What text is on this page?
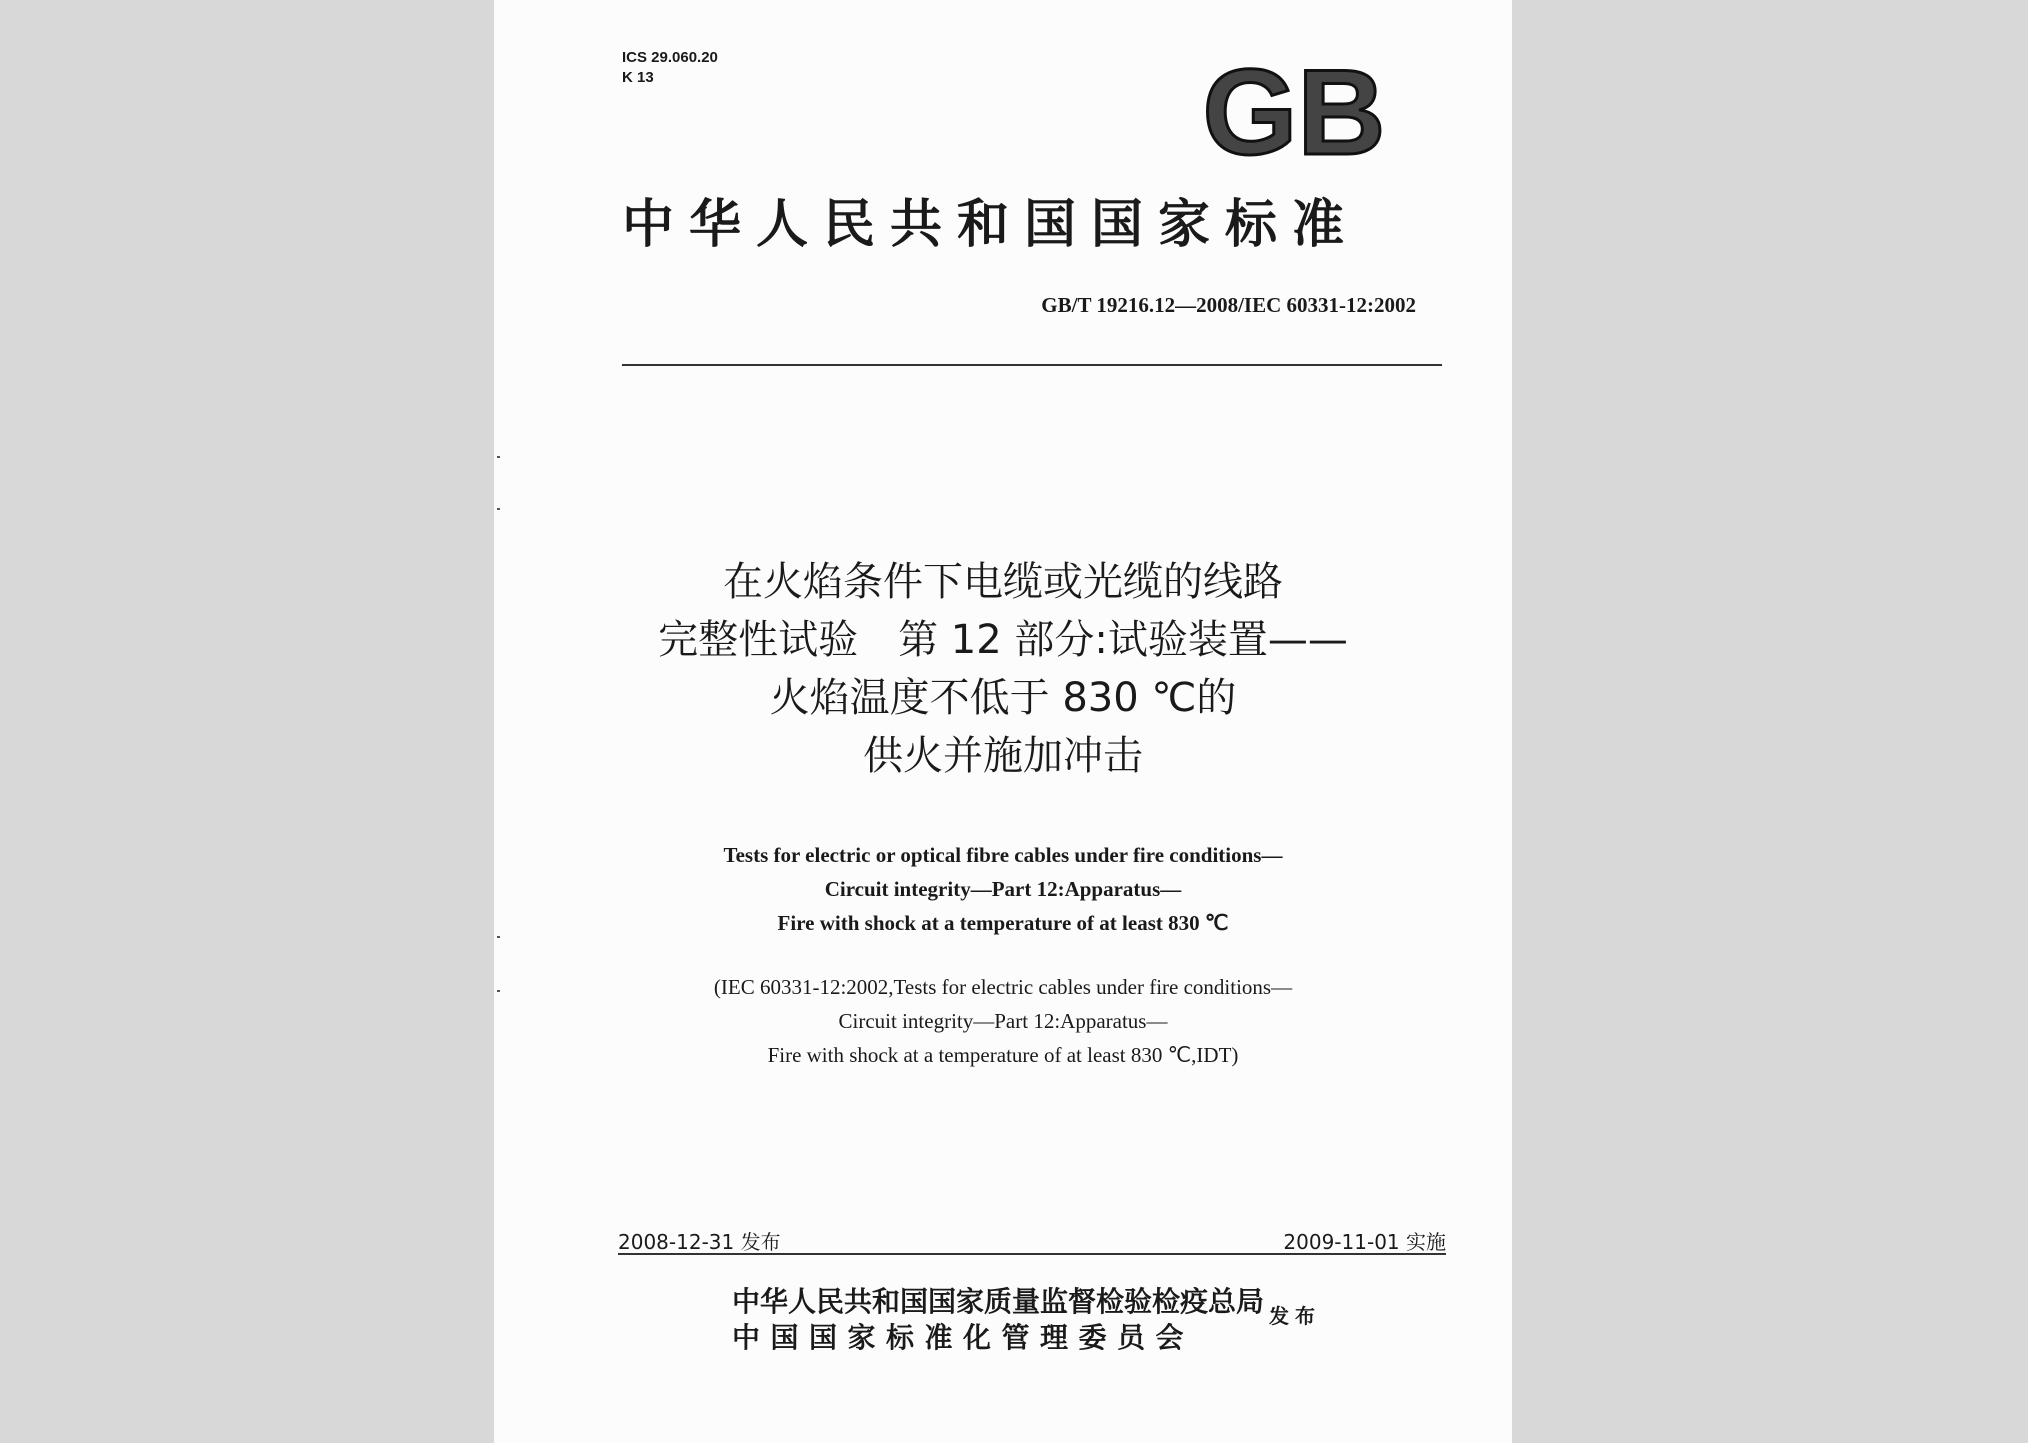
ICS 29.060.20
K 13	GB
中华人民共和国国家标准
GB/T 19216.12—2008/IEC 60331-12:2002
在火焰条件下电缆或光缆的线路
完整性试验　第 12 部分:试验装置——
火焰温度不低于 830 ℃的
供火并施加冲击
Tests for electric or optical fibre cables under fire conditions—
Circuit integrity—Part 12:Apparatus—
Fire with shock at a temperature of at least 830 ℃
(IEC 60331-12:2002,Tests for electric cables under fire conditions—
Circuit integrity—Part 12:Apparatus—
Fire with shock at a temperature of at least 830 ℃,IDT)
2008-12-31 发布	2009-11-01 实施
中华人民共和国国家质量监督检验检疫总局
中国国家标准化管理委员会
发布
